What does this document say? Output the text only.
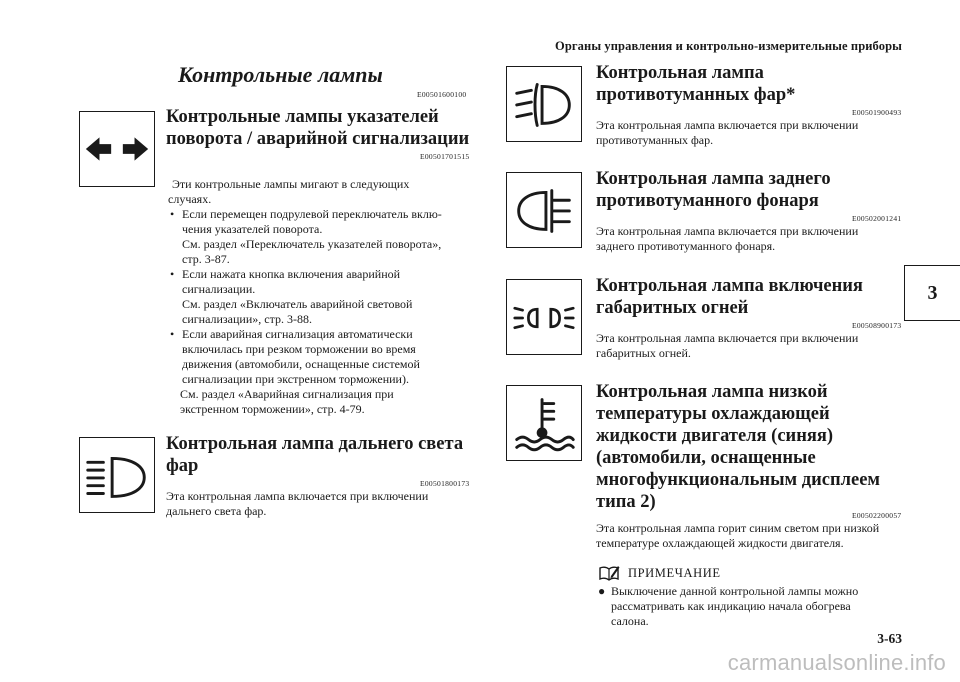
Органы управления и контрольно-измерительные приборы
Контрольные лампы
E00501600100
Контрольные лампы указателей
поворота / аварийной сигнализации
E00501701515
Эти контрольные лампы мигают в следующих
случаях.
• Если перемещен подрулевой переключатель вклю-
чения указателей поворота.
См. раздел «Переключатель указателей поворота»,
стр. 3-87.
• Если нажата кнопка включения аварийной
сигнализации.
См. раздел «Включатель аварийной световой
сигнализации», стр. 3-88.
• Если аварийная сигнализация автоматически
включилась при резком торможении во время
движения (автомобили, оснащенные системой
сигнализации при экстренном торможении).
См. раздел «Аварийная сигнализация при
экстренном торможении», стр. 4-79.
Контрольная лампа дальнего света
фар
E00501800173
Эта контрольная лампа включается при включении
дальнего света фар.
Контрольная лампа
противотуманных фар*
E00501900493
Эта контрольная лампа включается при включении
противотуманных фар.
Контрольная лампа заднего
противотуманного фонаря
E00502001241
Эта контрольная лампа включается при включении
заднего противотуманного фонаря.
Контрольная лампа включения
габаритных огней
E00508900173
Эта контрольная лампа включается при включении
габаритных огней.
Контрольная лампа низкой
температуры охлаждающей
жидкости двигателя (синяя)
(автомобили, оснащенные
многофункциональным дисплеем
типа 2)
E00502200057
Эта контрольная лампа горит синим светом при низкой
температуре охлаждающей жидкости двигателя.
ПРИМЕЧАНИЕ
● Выключение данной контрольной лампы можно
рассматривать как индикацию начала обогрева
салона.
3
3-63
carmanualsonline.info
